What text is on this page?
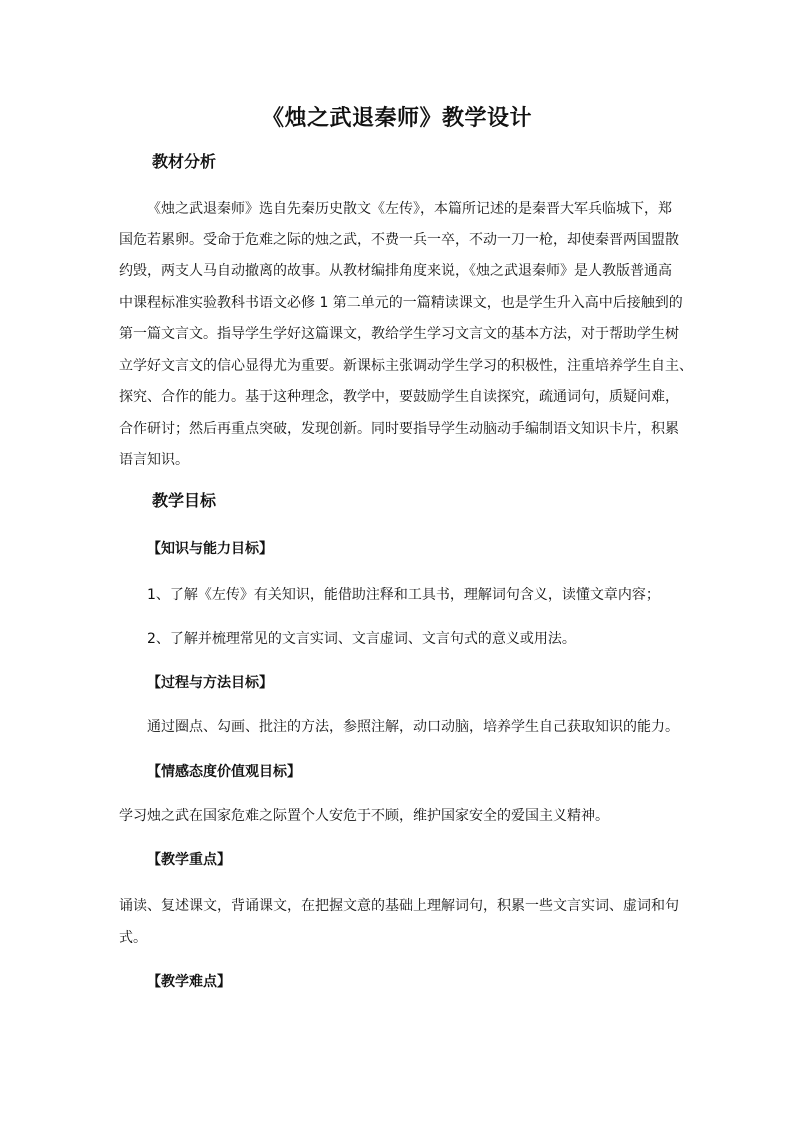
《烛之武退秦师》教学设计
教材分析
《烛之武退秦师》选自先秦历史散文《左传》，本篇所记述的是秦晋大军兵临城下，郑
国危若累卵。受命于危难之际的烛之武，不费一兵一卒，不动一刀一枪，却使秦晋两国盟散
约毁，两支人马自动撤离的故事。从教材编排角度来说，《烛之武退秦师》是人教版普通高
中课程标准实验教科书语文必修 1 第二单元的一篇精读课文，也是学生升入高中后接触到的
第一篇文言文。指导学生学好这篇课文，教给学生学习文言文的基本方法，对于帮助学生树
立学好文言文的信心显得尤为重要。新课标主张调动学生学习的积极性，注重培养学生自主、
探究、合作的能力。基于这种理念，教学中，要鼓励学生自读探究，疏通词句，质疑问难，
合作研讨；然后再重点突破，发现创新。同时要指导学生动脑动手编制语文知识卡片，积累
语言知识。
教学目标
【知识与能力目标】
1、了解《左传》有关知识，能借助注释和工具书，理解词句含义，读懂文章内容；
2、了解并梳理常见的文言实词、文言虚词、文言句式的意义或用法。
【过程与方法目标】
通过圈点、勾画、批注的方法，参照注解，动口动脑，培养学生自己获取知识的能力。
【情感态度价值观目标】
学习烛之武在国家危难之际置个人安危于不顾，维护国家安全的爱国主义精神。
【教学重点】
诵读、复述课文，背诵课文，在把握文意的基础上理解词句，积累一些文言实词、虚词和句
式。
【教学难点】
